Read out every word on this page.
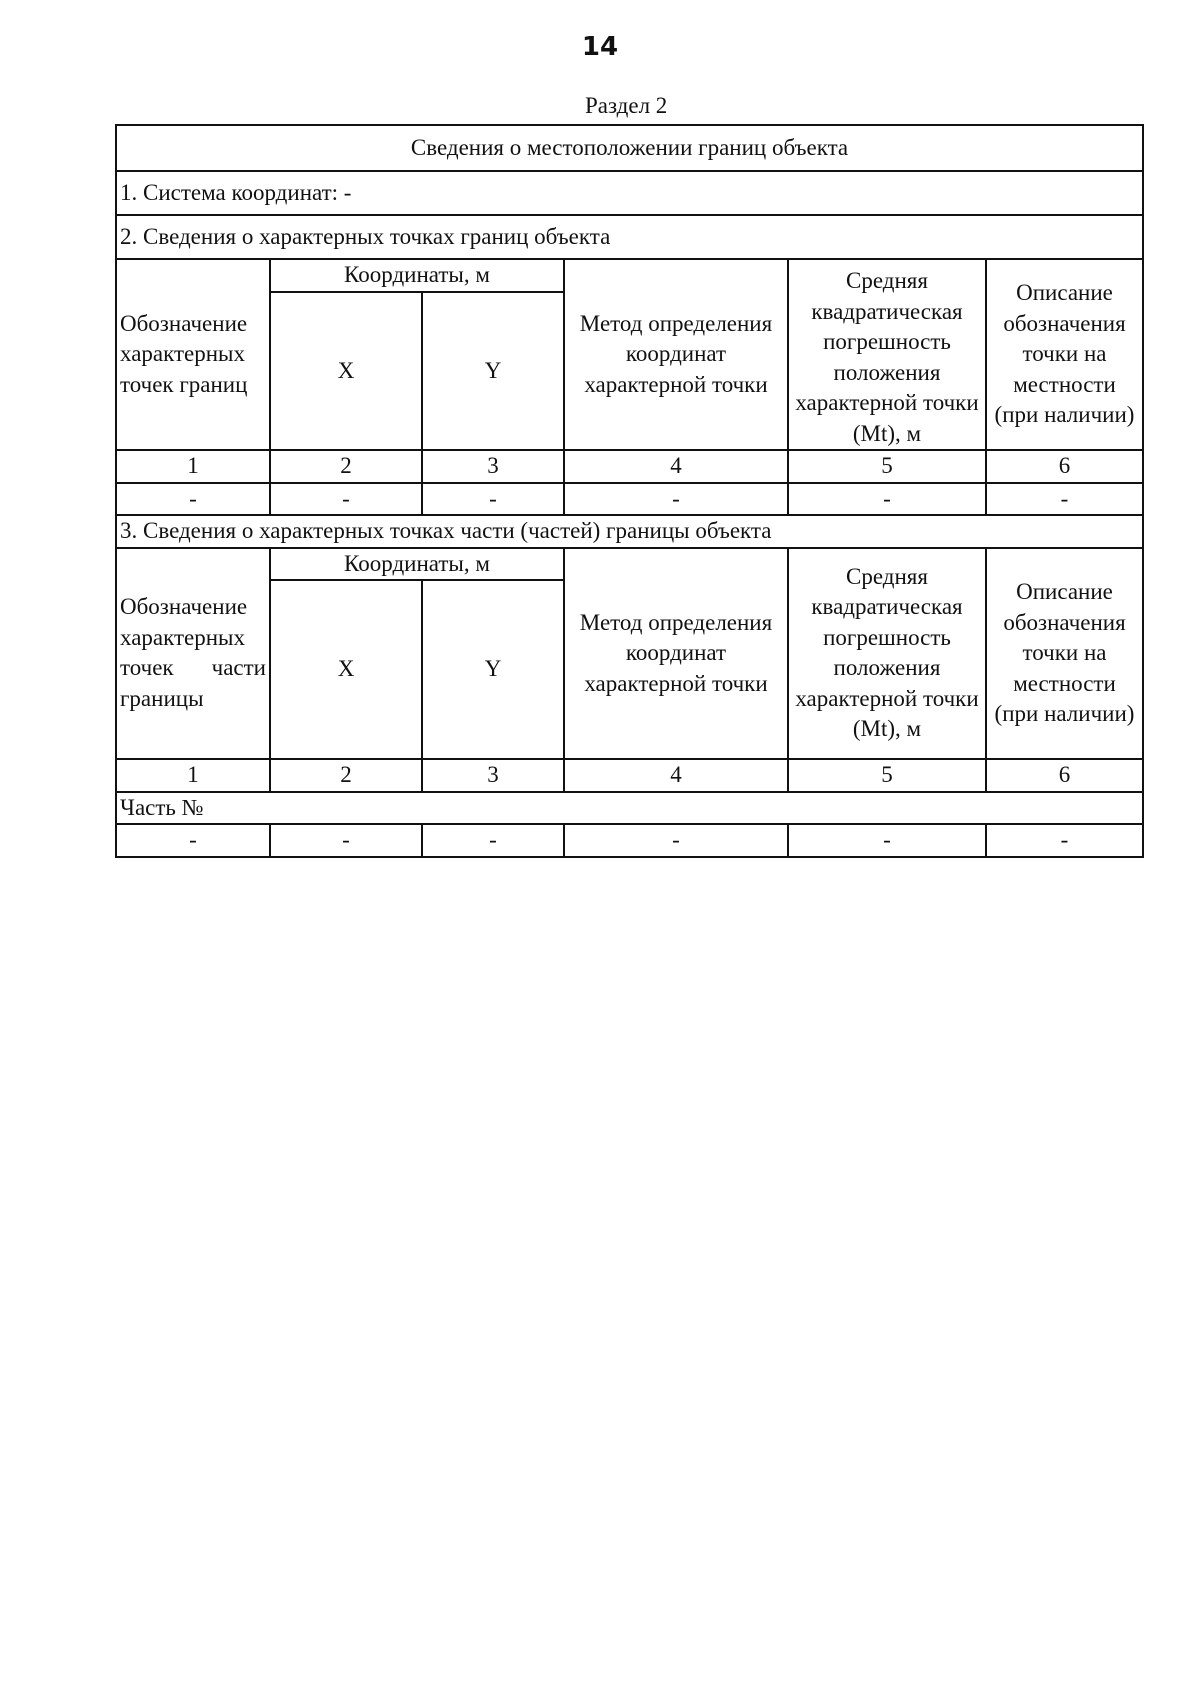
14
Раздел 2
Сведения о местоположении границ объекта					
1. Система координат: -					
2. Сведения о характерных точках границ объекта					
Обозначение характерных точек границ	Координаты, м		Метод определения координат характерной точки	Средняя квадратическая погрешность положения характерной точки (Mt), м	Описание обозначения точки на местности (при наличии)
	X	Y			
1	2	3	4	5	6
-	-	-	-	-	-
3. Сведения о характерных точках части (частей) границы объекта					
Обозначение характерных точек части границы	Координаты, м		Метод определения координат характерной точки	Средняя квадратическая погрешность положения характерной точки (Mt), м	Описание обозначения точки на местности (при наличии)
	X	Y			
1	2	3	4	5	6
Часть №					
-	-	-	-	-	-
